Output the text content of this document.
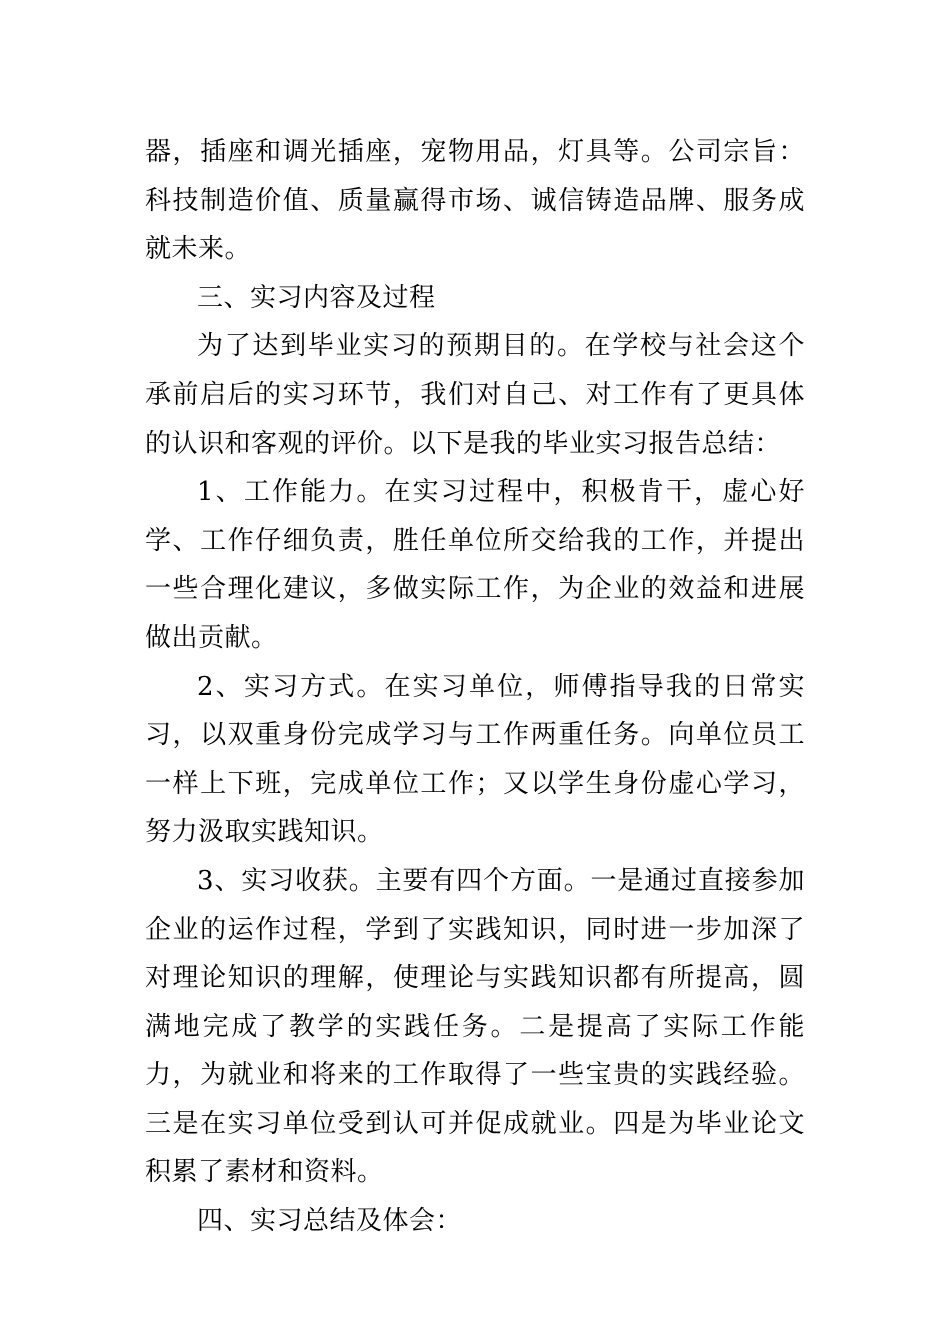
器，插座和调光插座，宠物用品，灯具等。公司宗旨：科技制造价值、质量赢得市场、诚信铸造品牌、服务成就未来。

三、实习内容及过程

为了达到毕业实习的预期目的。在学校与社会这个承前启后的实习环节，我们对自己、对工作有了更具体的认识和客观的评价。以下是我的毕业实习报告总结：

1、工作能力。在实习过程中，积极肯干，虚心好学、工作仔细负责，胜任单位所交给我的工作，并提出一些合理化建议，多做实际工作，为企业的效益和进展做出贡献。

2、实习方式。在实习单位，师傅指导我的日常实习，以双重身份完成学习与工作两重任务。向单位员工一样上下班，完成单位工作；又以学生身份虚心学习，努力汲取实践知识。

3、实习收获。主要有四个方面。一是通过直接参加企业的运作过程，学到了实践知识，同时进一步加深了对理论知识的理解，使理论与实践知识都有所提高，圆满地完成了教学的实践任务。二是提高了实际工作能力，为就业和将来的工作取得了一些宝贵的实践经验。三是在实习单位受到认可并促成就业。四是为毕业论文积累了素材和资料。

四、实习总结及体会：
